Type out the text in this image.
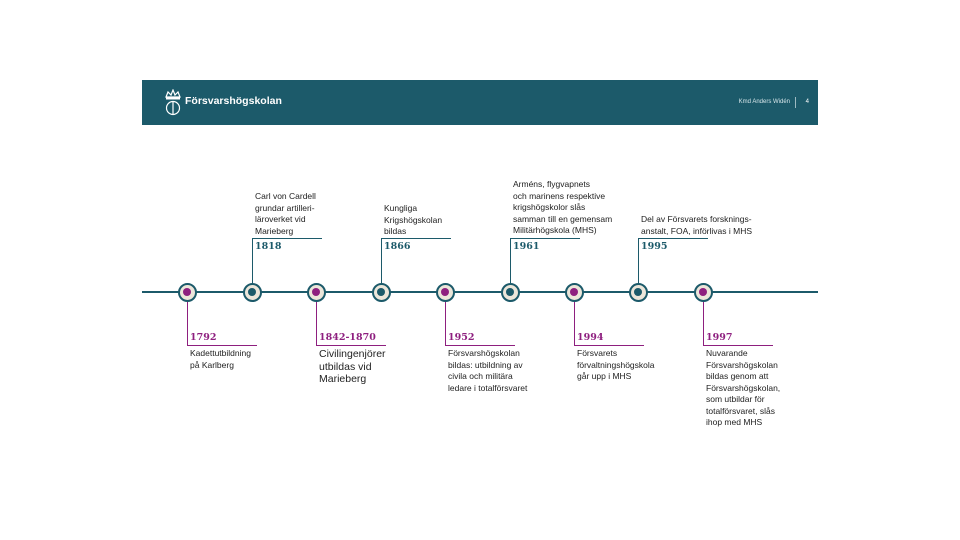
Försvarshögskolan	Kmd Anders Widén	4
1792
Kadettutbildning
på Karlberg
1818
Carl von Cardell
grundar artilleri-
läroverket vid
Marieberg
1842-1870
Civilingenjörer
utbildas vid
Marieberg
1866
Kungliga
Krigshögskolan
bildas
1952
Försvarshögskolan
bildas: utbildning av
civila och militära
ledare i totalförsvaret
1961
Arméns, flygvapnets
och marinens respektive
krigshögskolor slås
samman till en gemensam
Militärhögskola (MHS)
1994
Försvarets
förvaltningshögskola
går upp i MHS
1995
Del av Försvarets forsknings-
anstalt, FOA, införlivas i MHS
1997
Nuvarande
Försvarshögskolan
bildas genom att
Försvarshögskolan,
som utbildar för
totalförsvaret, slås
ihop med MHS
